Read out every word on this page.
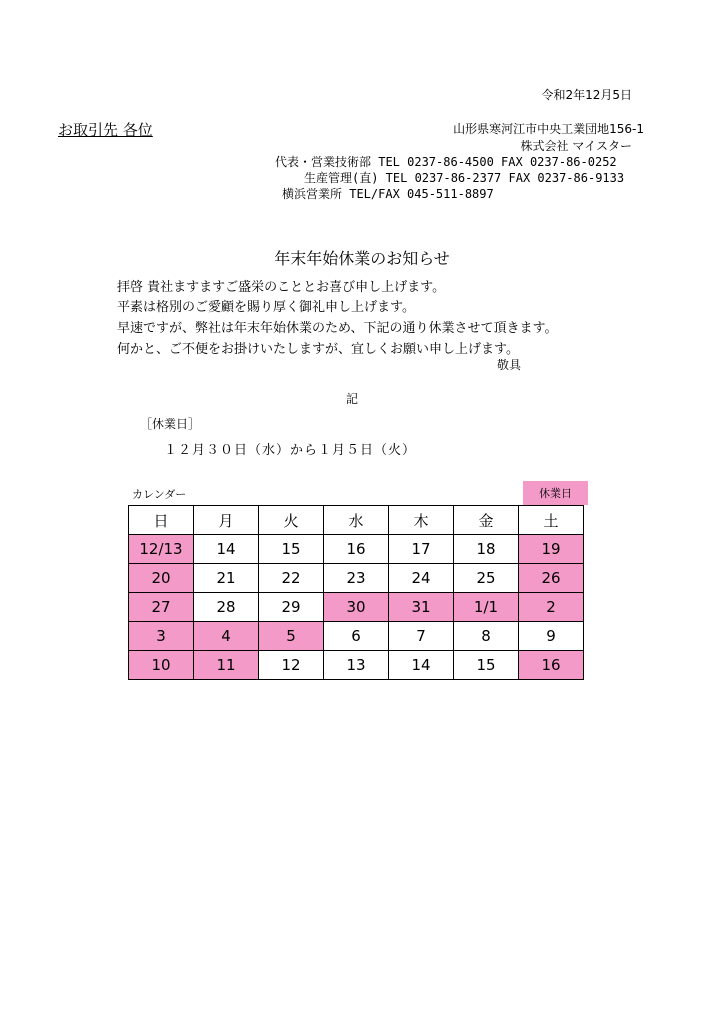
令和2年12月5日
お取引先 各位	山形県寒河江市中央工業団地156-1
株式会社 マイスター
代表・営業技術部 TEL 0237-86-4500 FAX 0237-86-0252
生産管理(直) TEL 0237-86-2377 FAX 0237-86-9133
横浜営業所 TEL/FAX 045-511-8897
年末年始休業のお知らせ
拝啓 貴社ますますご盛栄のこととお喜び申し上げます。
平素は格別のご愛顧を賜り厚く御礼申し上げます。
早速ですが、弊社は年末年始休業のため、下記の通り休業させて頂きます。
何かと、ご不便をお掛けいたしますが、宜しくお願い申し上げます。
敬具
記
［休業日］
１２月３０日（水）から１月５日（火）
カレンダー	休業日
日	月	火	水	木	金	土
12/13	14	15	16	17	18	19
20	21	22	23	24	25	26
27	28	29	30	31	1/1	2
3	4	5	6	7	8	9
10	11	12	13	14	15	16
